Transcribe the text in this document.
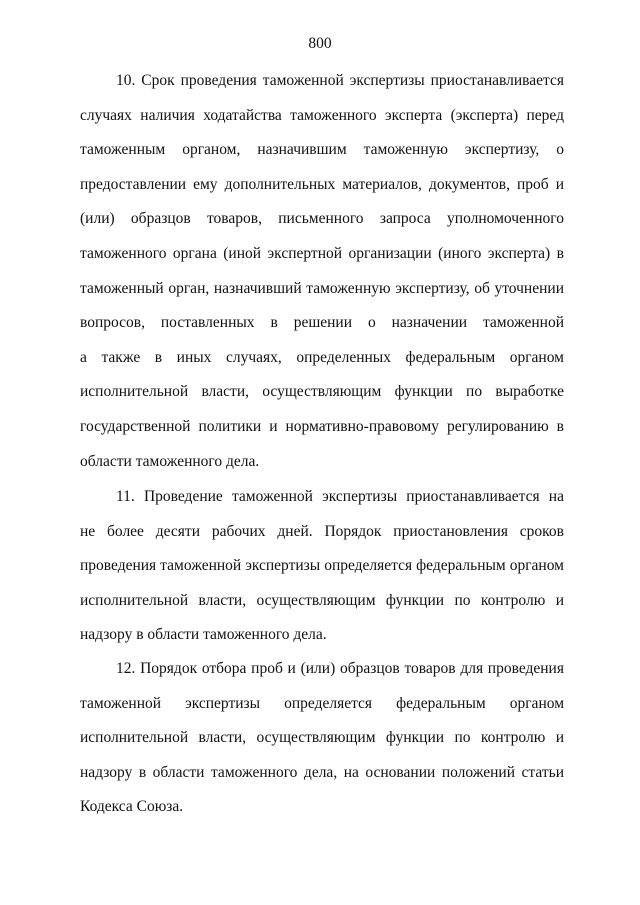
800
10. Срок проведения таможенной экспертизы приостанавливается
случаях наличия ходатайства таможенного эксперта (эксперта) перед
таможенным органом, назначившим таможенную экспертизу, о
предоставлении ему дополнительных материалов, документов, проб и
(или) образцов товаров, письменного запроса уполномоченного
таможенного органа (иной экспертной организации (иного эксперта) в
таможенный орган, назначивший таможенную экспертизу, об уточнении
вопросов, поставленных в решении о назначении таможенной
а также в иных случаях, определенных федеральным органом
исполнительной власти, осуществляющим функции по выработке
государственной политики и нормативно-правовому регулированию в
области таможенного дела.
11. Проведение таможенной экспертизы приостанавливается на
не более десяти рабочих дней. Порядок приостановления сроков
проведения таможенной экспертизы определяется федеральным органом
исполнительной власти, осуществляющим функции по контролю и
надзору в области таможенного дела.
12. Порядок отбора проб и (или) образцов товаров для проведения
таможенной экспертизы определяется федеральным органом
исполнительной власти, осуществляющим функции по контролю и
надзору в области таможенного дела, на основании положений статьи
Кодекса Союза.
